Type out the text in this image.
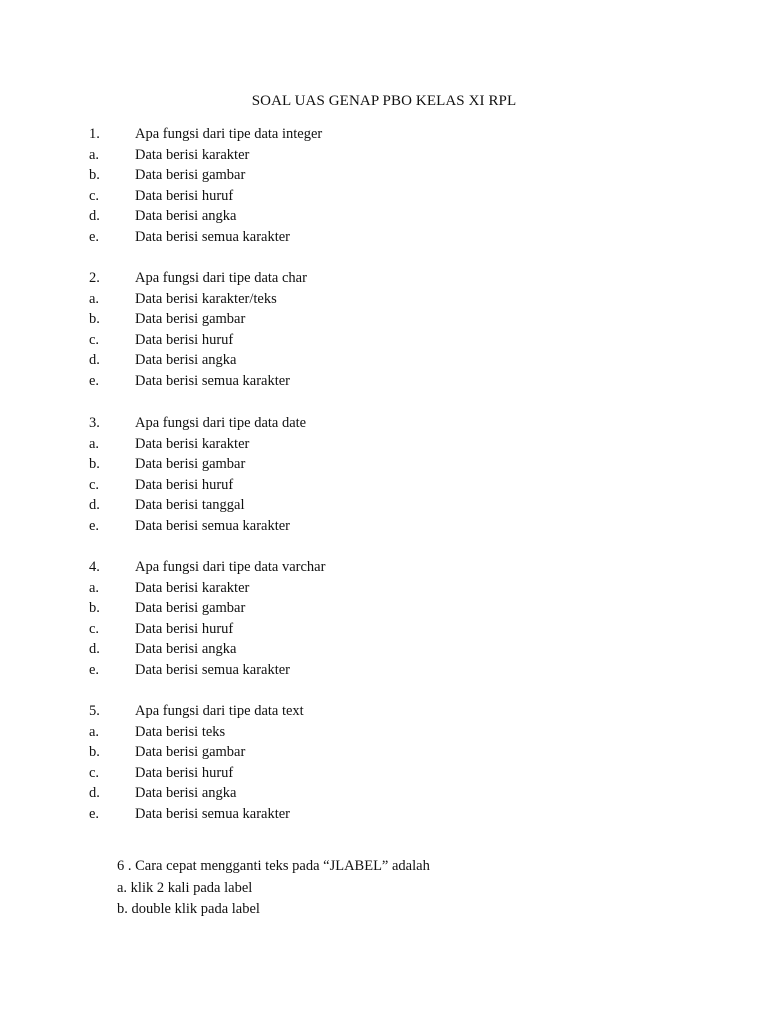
SOAL UAS GENAP PBO KELAS XI RPL
1. Apa fungsi dari tipe data integer
a. Data berisi karakter
b. Data berisi gambar
c. Data berisi huruf
d. Data berisi angka
e. Data berisi semua karakter
2. Apa fungsi dari tipe data char
a. Data berisi karakter/teks
b. Data berisi gambar
c. Data berisi huruf
d. Data berisi angka
e. Data berisi semua karakter
3. Apa fungsi dari tipe data date
a. Data berisi karakter
b. Data berisi gambar
c. Data berisi huruf
d. Data berisi tanggal
e. Data berisi semua karakter
4. Apa fungsi dari tipe data varchar
a. Data berisi karakter
b. Data berisi gambar
c. Data berisi huruf
d. Data berisi angka
e. Data berisi semua karakter
5. Apa fungsi dari tipe data text
a. Data berisi teks
b. Data berisi gambar
c. Data berisi huruf
d. Data berisi angka
e. Data berisi semua karakter
6 . Cara cepat mengganti teks pada “JLABEL” adalah
a. klik 2 kali pada label
b. double klik pada label
